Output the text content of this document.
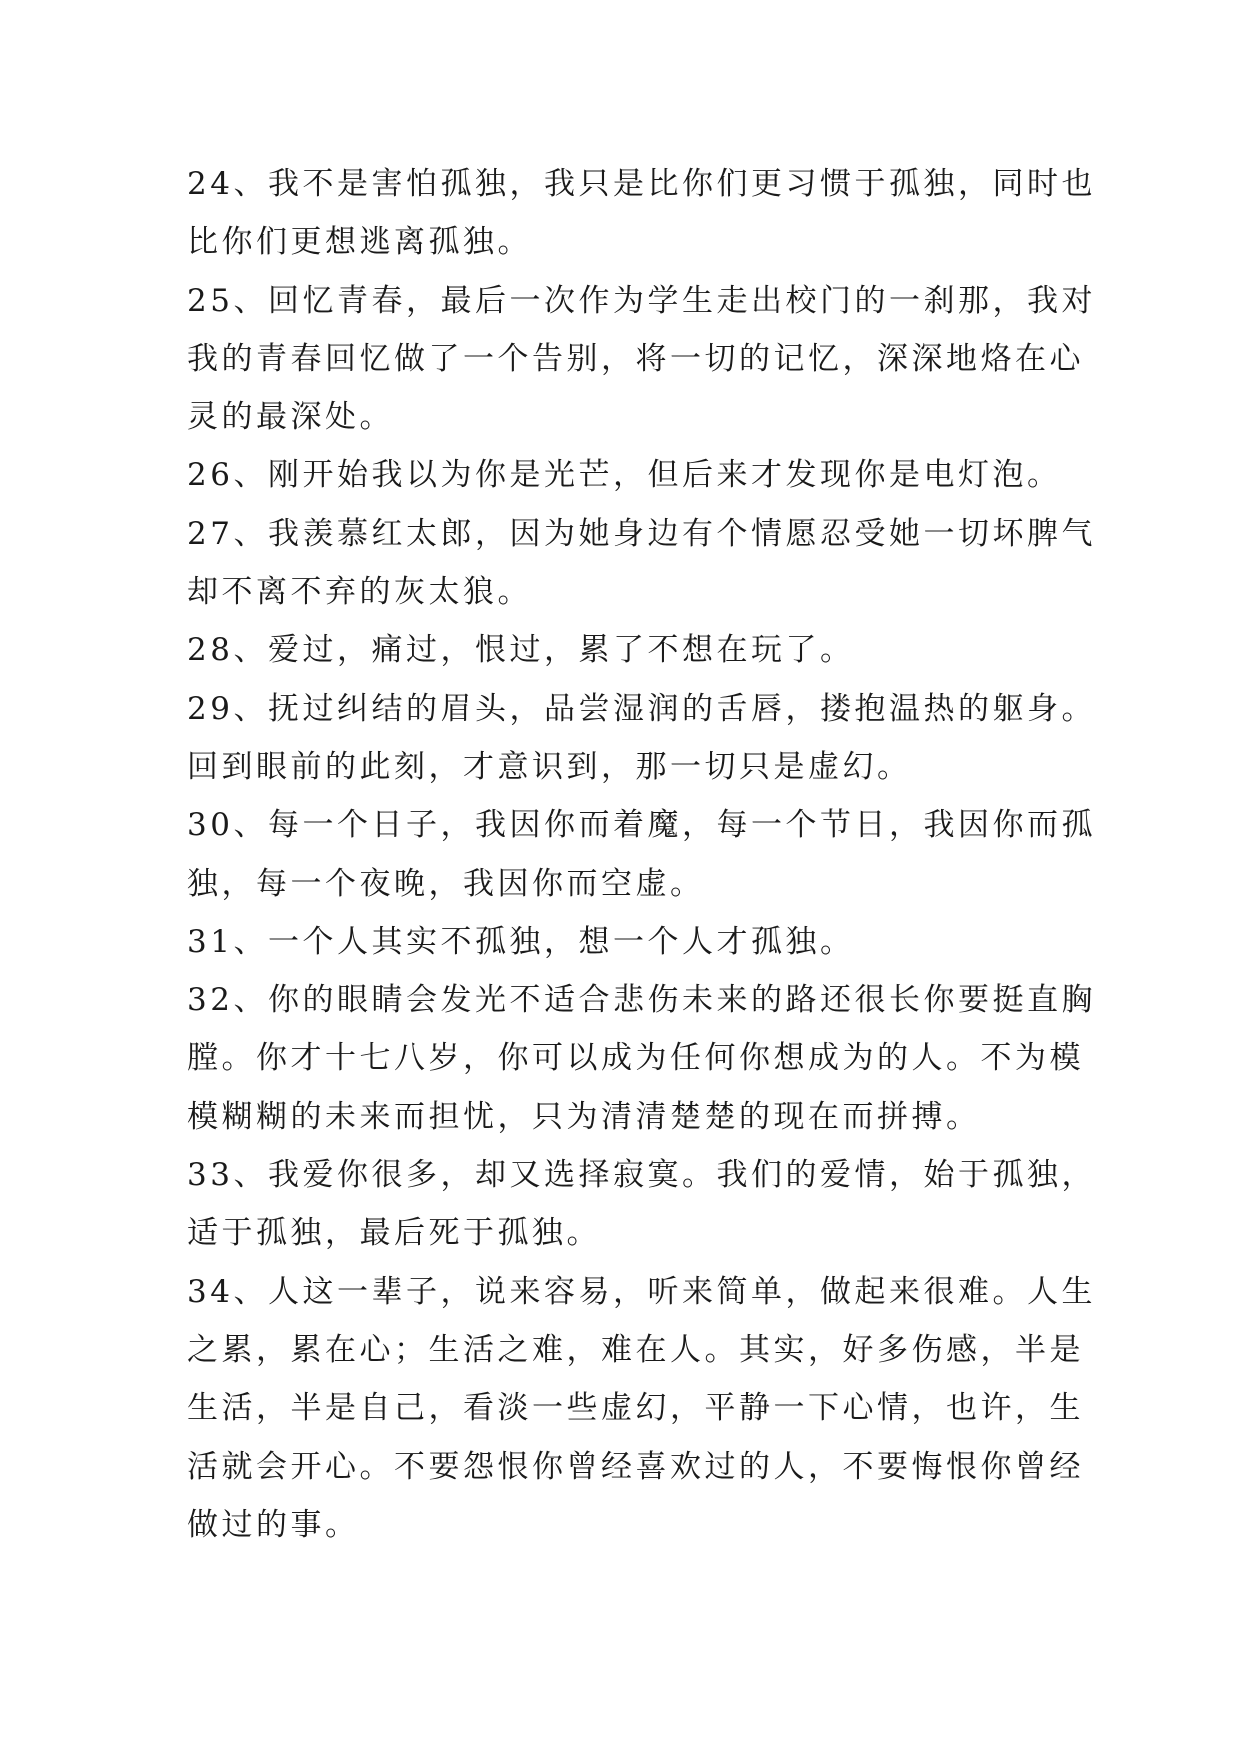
24、我不是害怕孤独，我只是比你们更习惯于孤独，同时也
比你们更想逃离孤独。
25、回忆青春，最后一次作为学生走出校门的一刹那，我对
我的青春回忆做了一个告别，将一切的记忆，深深地烙在心
灵的最深处。
26、刚开始我以为你是光芒，但后来才发现你是电灯泡。
27、我羡慕红太郎，因为她身边有个情愿忍受她一切坏脾气
却不离不弃的灰太狼。
28、爱过，痛过，恨过，累了不想在玩了。
29、抚过纠结的眉头，品尝湿润的舌唇，搂抱温热的躯身。
回到眼前的此刻，才意识到，那一切只是虚幻。
30、每一个日子，我因你而着魔，每一个节日，我因你而孤
独，每一个夜晚，我因你而空虚。
31、一个人其实不孤独，想一个人才孤独。
32、你的眼睛会发光不适合悲伤未来的路还很长你要挺直胸
膛。你才十七八岁，你可以成为任何你想成为的人。不为模
模糊糊的未来而担忧，只为清清楚楚的现在而拼搏。
33、我爱你很多，却又选择寂寞。我们的爱情，始于孤独，
适于孤独，最后死于孤独。
34、人这一辈子，说来容易，听来简单，做起来很难。人生
之累，累在心；生活之难，难在人。其实，好多伤感，半是
生活，半是自己，看淡一些虚幻，平静一下心情，也许，生
活就会开心。不要怨恨你曾经喜欢过的人，不要悔恨你曾经
做过的事。
